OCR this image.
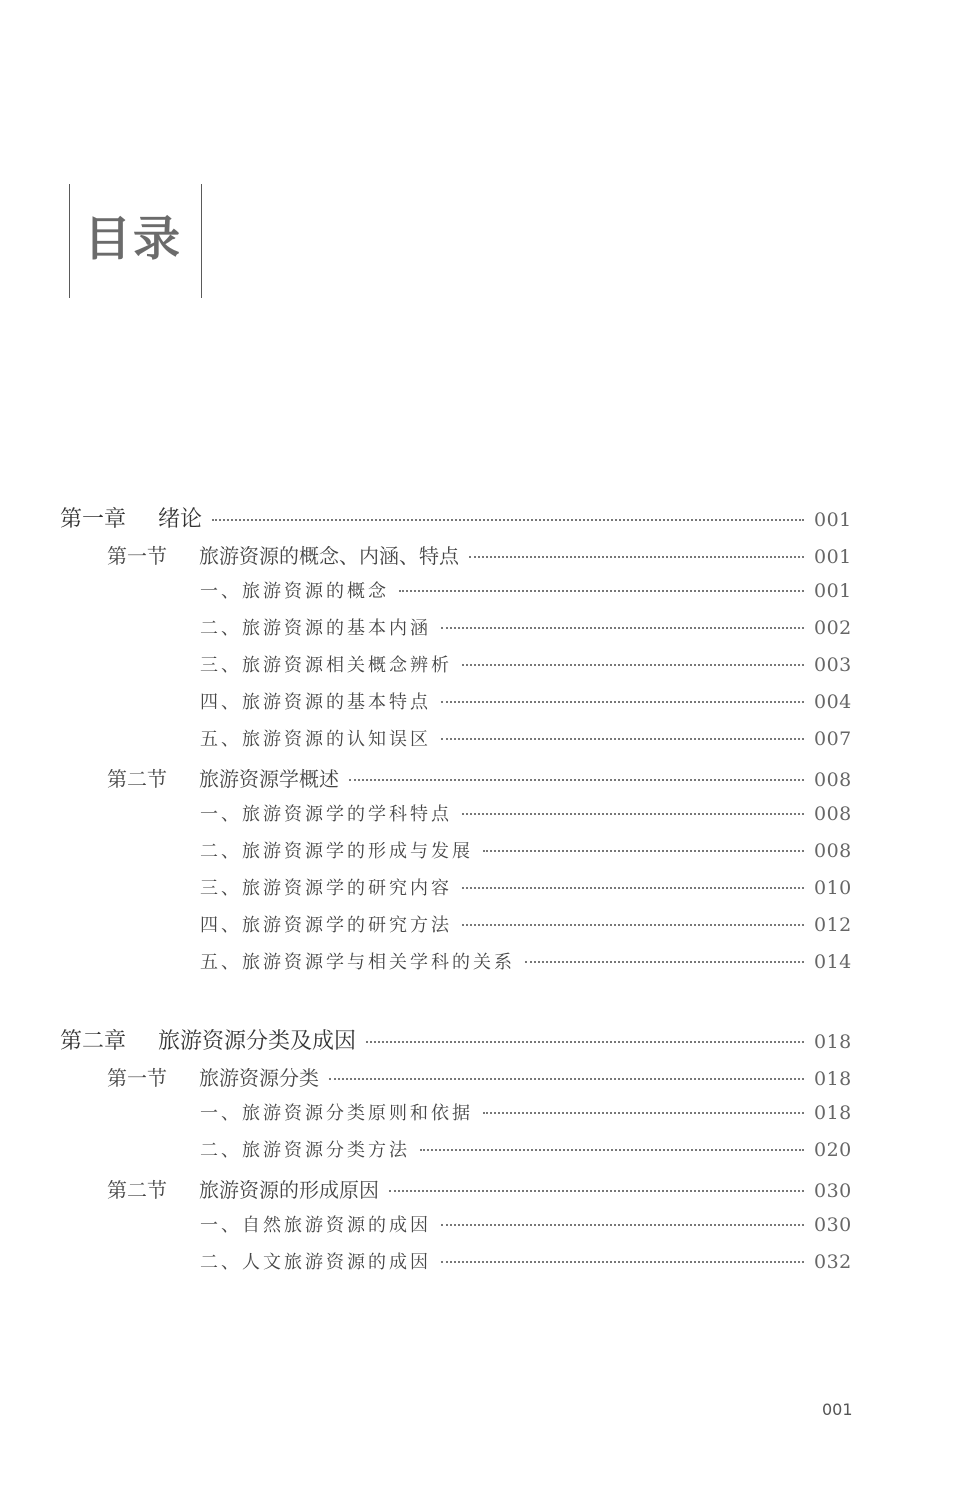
目录
第一章 绪论	001
第一节 旅游资源的概念、内涵、特点	001
一、旅游资源的概念	001
二、旅游资源的基本内涵	002
三、旅游资源相关概念辨析	003
四、旅游资源的基本特点	004
五、旅游资源的认知误区	007
第二节 旅游资源学概述	008
一、旅游资源学的学科特点	008
二、旅游资源学的形成与发展	008
三、旅游资源学的研究内容	010
四、旅游资源学的研究方法	012
五、旅游资源学与相关学科的关系	014
第二章 旅游资源分类及成因	018
第一节 旅游资源分类	018
一、旅游资源分类原则和依据	018
二、旅游资源分类方法	020
第二节 旅游资源的形成原因	030
一、自然旅游资源的成因	030
二、人文旅游资源的成因	032
001
